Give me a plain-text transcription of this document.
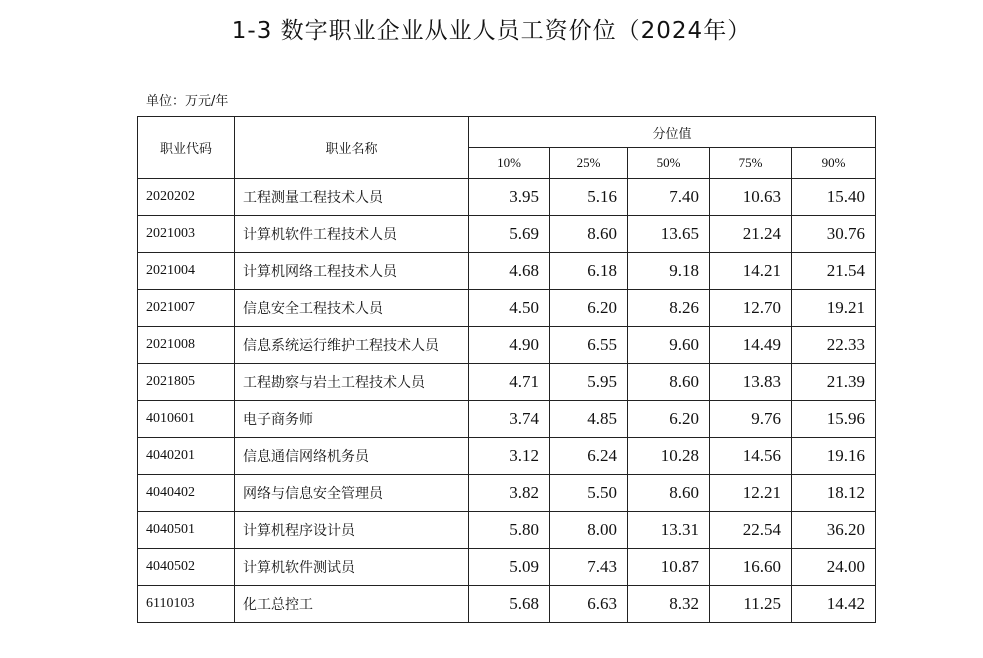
1-3 数字职业企业从业人员工资价位（2024年）
单位：万元/年
职业代码	职业名称	分位值				
		10%	25%	50%	75%	90%
2020202	工程测量工程技术人员	3.95	5.16	7.40	10.63	15.40
2021003	计算机软件工程技术人员	5.69	8.60	13.65	21.24	30.76
2021004	计算机网络工程技术人员	4.68	6.18	9.18	14.21	21.54
2021007	信息安全工程技术人员	4.50	6.20	8.26	12.70	19.21
2021008	信息系统运行维护工程技术人员	4.90	6.55	9.60	14.49	22.33
2021805	工程勘察与岩土工程技术人员	4.71	5.95	8.60	13.83	21.39
4010601	电子商务师	3.74	4.85	6.20	9.76	15.96
4040201	信息通信网络机务员	3.12	6.24	10.28	14.56	19.16
4040402	网络与信息安全管理员	3.82	5.50	8.60	12.21	18.12
4040501	计算机程序设计员	5.80	8.00	13.31	22.54	36.20
4040502	计算机软件测试员	5.09	7.43	10.87	16.60	24.00
6110103	化工总控工	5.68	6.63	8.32	11.25	14.42
